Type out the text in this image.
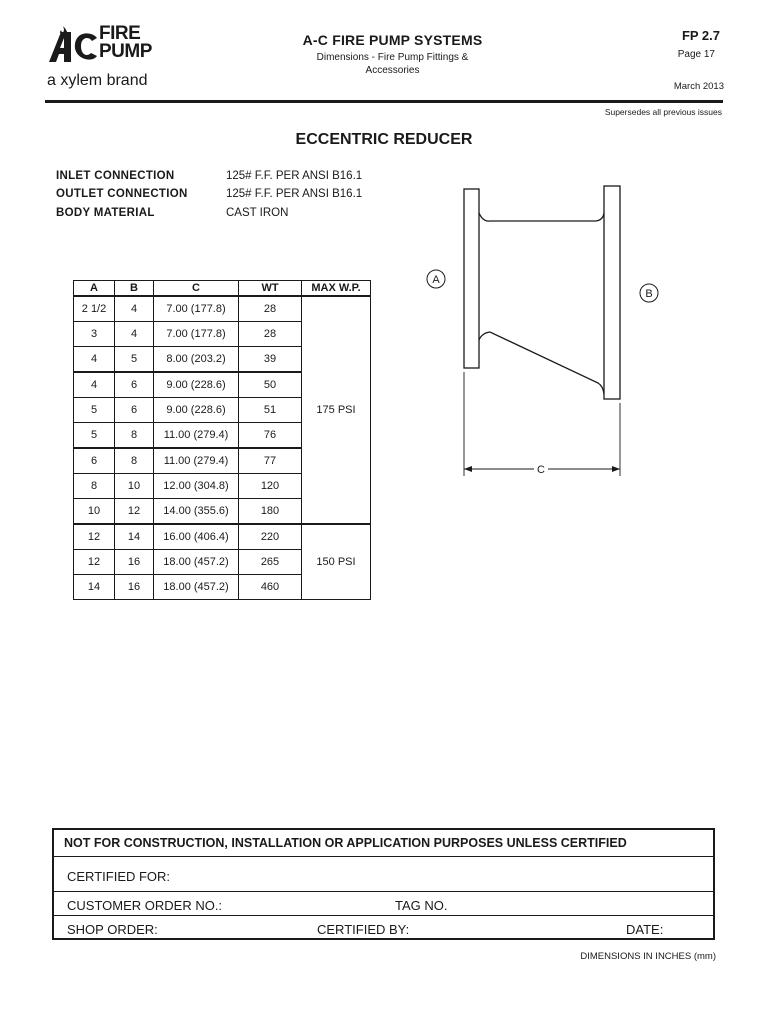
FIRE
PUMP
a xylem brand
A-C FIRE PUMP SYSTEMS
Dimensions - Fire Pump Fittings &
Accessories
FP 2.7
Page 17
March 2013
Supersedes all previous issues
ECCENTRIC REDUCER
INLET CONNECTION	125# F.F. PER ANSI B16.1
OUTLET CONNECTION	125# F.F. PER ANSI B16.1
BODY MATERIAL	CAST IRON
A	B	C	WT	MAX W.P.
2 1/2	4	7.00 (177.8)	28	175 PSI
3	4	7.00 (177.8)	28	
4	5	8.00 (203.2)	39	
4	6	9.00 (228.6)	50	
5	6	9.00 (228.6)	51	
5	8	11.00 (279.4)	76	
6	8	11.00 (279.4)	77	
8	10	12.00 (304.8)	120	
10	12	14.00 (355.6)	180	
12	14	16.00 (406.4)	220	150 PSI
12	16	18.00 (457.2)	265	
14	16	18.00 (457.2)	460	
A
B
C
NOT FOR CONSTRUCTION, INSTALLATION OR APPLICATION PURPOSES UNLESS CERTIFIED
CERTIFIED FOR:
CUSTOMER ORDER NO.:	TAG NO.
SHOP ORDER:	CERTIFIED BY:	DATE:
DIMENSIONS IN INCHES (mm)
